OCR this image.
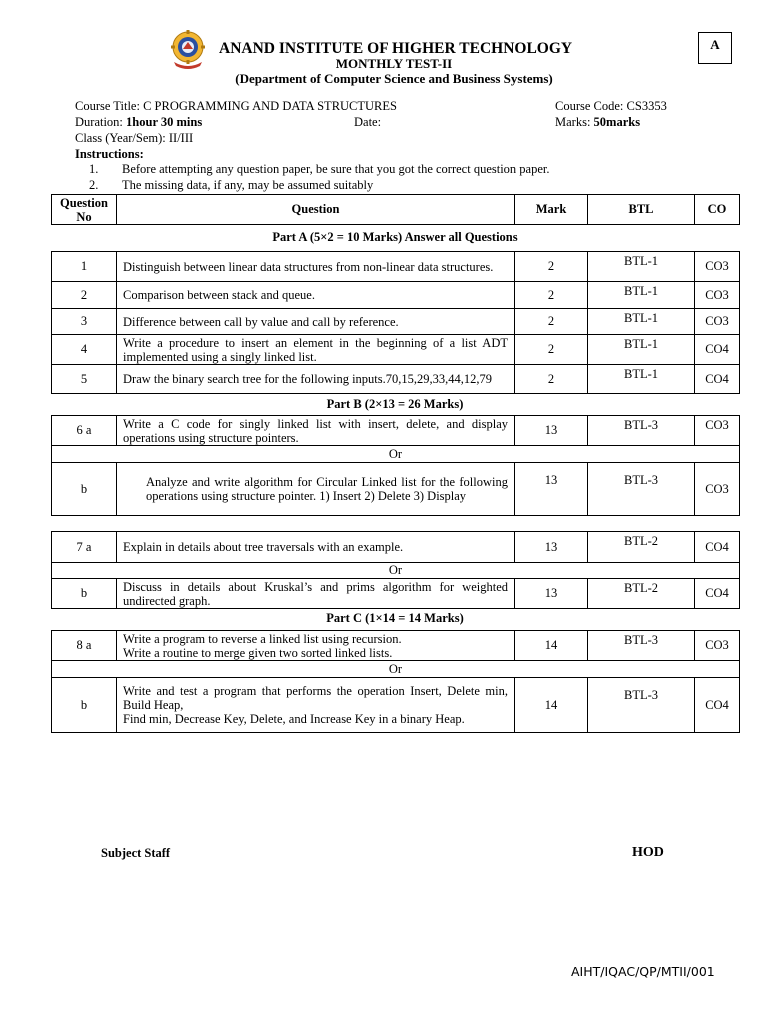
ANAND INSTITUTE OF HIGHER TECHNOLOGY
MONTHLY TEST-II
(Department of Computer Science and Business Systems)
A
Course Title: C PROGRAMMING AND DATA STRUCTURES	Course Code: CS3353
Duration: 1hour 30 mins	Date:	Marks: 50marks
Class (Year/Sem): II/III
Instructions:
1. Before attempting any question paper, be sure that you got the correct question paper.
2. The missing data, if any, may be assumed suitably
Question No	Question	Mark	BTL	CO
Part A (5×2 = 10 Marks) Answer all Questions
1	Distinguish between linear data structures from non-linear data structures.	2	BTL-1	CO3
2	Comparison between stack and queue.	2	BTL-1	CO3
3	Difference between call by value and call by reference.	2	BTL-1	CO3
4	Write a procedure to insert an element in the beginning of a list ADT implemented using a singly linked list.	2	BTL-1	CO4
5	Draw the binary search tree for the following inputs.70,15,29,33,44,12,79	2	BTL-1	CO4
Part B (2×13 = 26 Marks)
6 a	Write a C code for singly linked list with insert, delete, and display operations using structure pointers.	13	BTL-3	CO3
Or				
b	Analyze and write algorithm for Circular Linked list for the following operations using structure pointer. 1) Insert 2) Delete 3) Display	13	BTL-3	CO3
7 a	Explain in details about tree traversals with an example.	13	BTL-2	CO4
Or				
b	Discuss in details about Kruskal’s and prims algorithm for weighted undirected graph.	13	BTL-2	CO4
Part C (1×14 = 14 Marks)
8 a	Write a program to reverse a linked list using recursion.
Write a routine to merge given two sorted linked lists.	14	BTL-3	CO3
Or				
b	Write and test a program that performs the operation Insert, Delete min, Build Heap,
Find min, Decrease Key, Delete, and Increase Key in a binary Heap.	14	BTL-3	CO4
Subject Staff	HOD
AIHT/IQAC/QP/MTII/001
